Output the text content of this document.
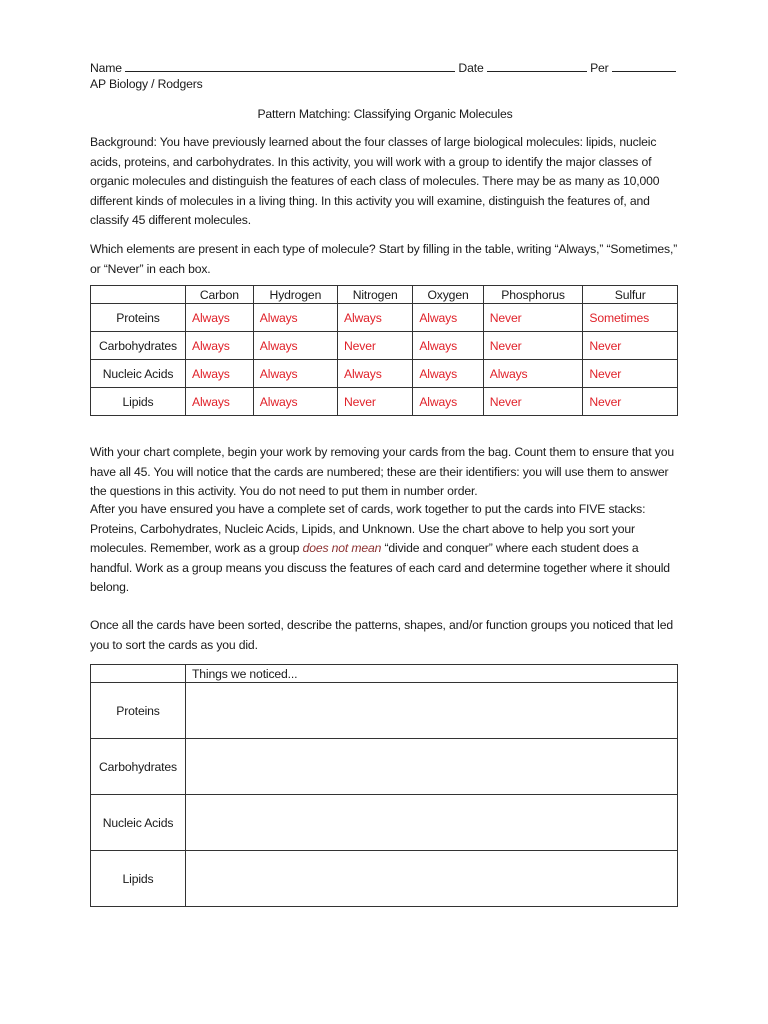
Name	Date	Per
AP Biology / Rodgers
Pattern Matching: Classifying Organic Molecules

Background: You have previously learned about the four classes of large biological molecules: lipids, nucleic acids, proteins, and carbohydrates. In this activity, you will work with a group to identify the major classes of organic molecules and distinguish the features of each class of molecules. There may be as many as 10,000 different kinds of molecules in a living thing. In this activity you will examine, distinguish the features of, and classify 45 different molecules.

Which elements are present in each type of molecule? Start by filling in the table, writing “Always,” “Sometimes,” or “Never” in each box.

	Carbon	Hydrogen	Nitrogen	Oxygen	Phosphorus	Sulfur
Proteins	Always	Always	Always	Always	Never	Sometimes
Carbohydrates	Always	Always	Never	Always	Never	Never
Nucleic Acids	Always	Always	Always	Always	Always	Never
Lipids	Always	Always	Never	Always	Never	Never

With your chart complete, begin your work by removing your cards from the bag. Count them to ensure that you have all 45. You will notice that the cards are numbered; these are their identifiers: you will use them to answer the questions in this activity. You do not need to put them in number order.

After you have ensured you have a complete set of cards, work together to put the cards into FIVE stacks: Proteins, Carbohydrates, Nucleic Acids, Lipids, and Unknown. Use the chart above to help you sort your molecules. Remember, work as a group does not mean “divide and conquer” where each student does a handful. Work as a group means you discuss the features of each card and determine together where it should belong.

Once all the cards have been sorted, describe the patterns, shapes, and/or function groups you noticed that led you to sort the cards as you did.

	Things we noticed...
Proteins	
Carbohydrates	
Nucleic Acids	
Lipids	
